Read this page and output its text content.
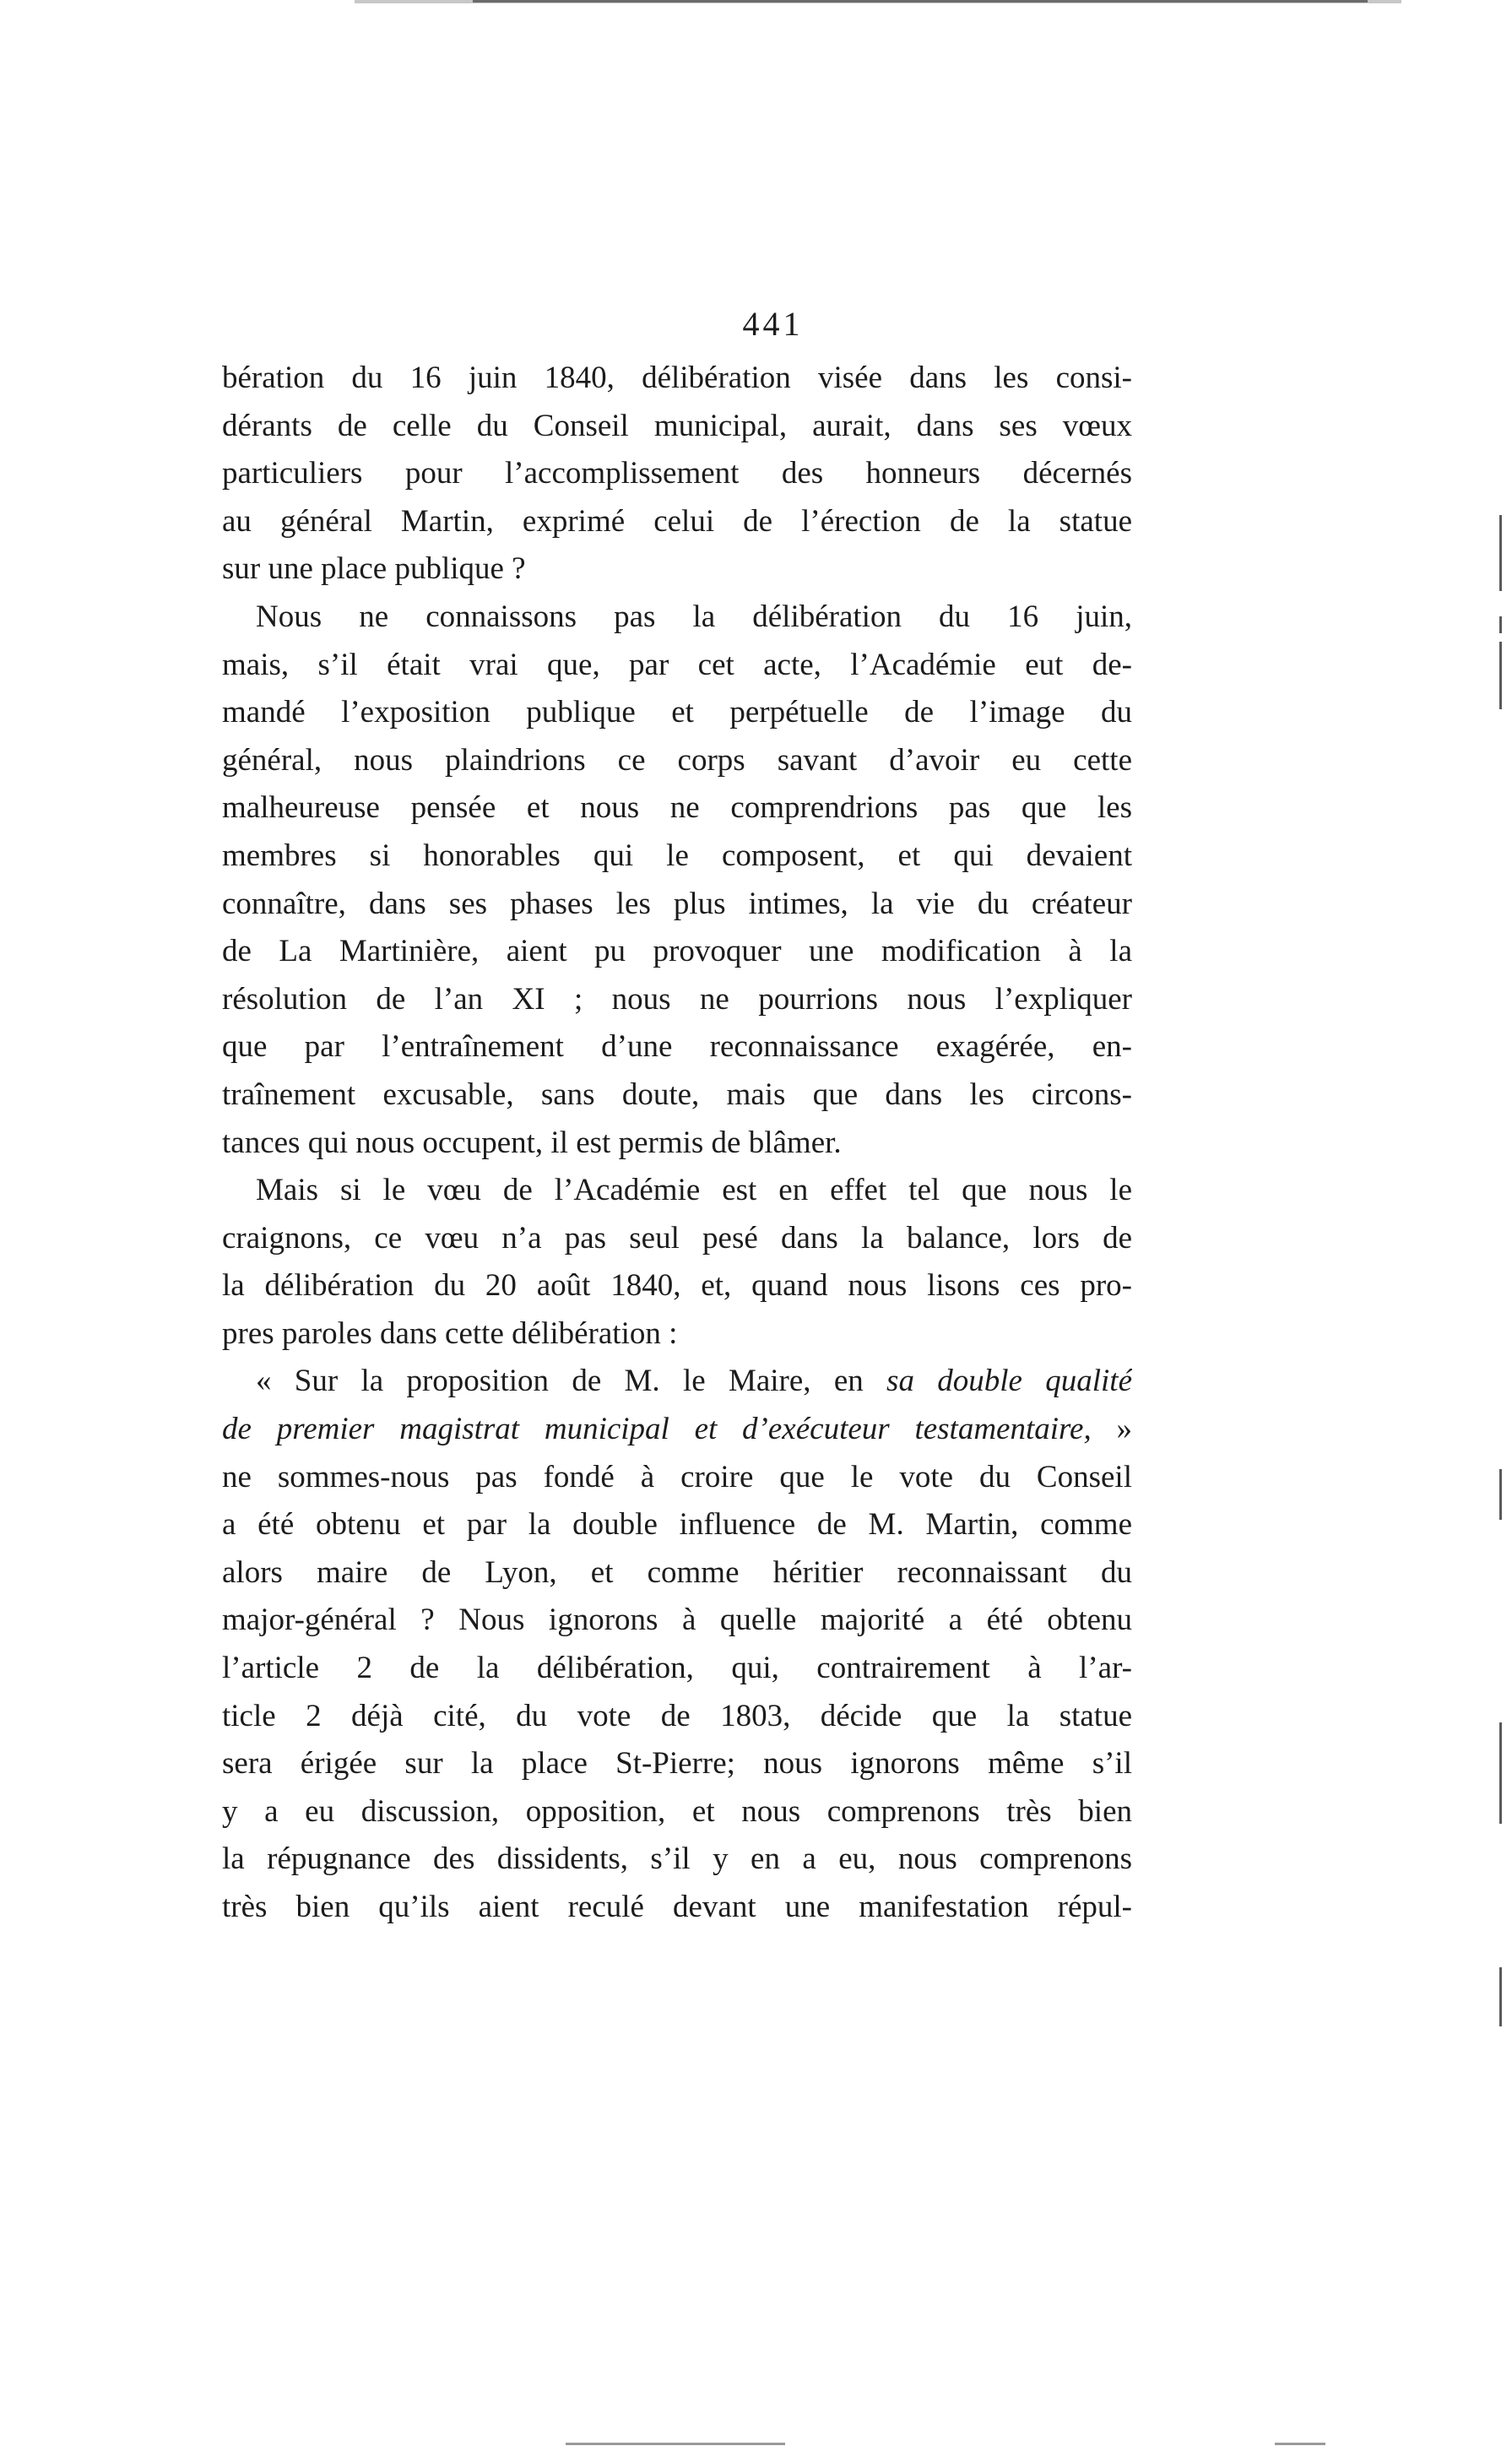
441
bération du 16 juin 1840, délibération visée dans les consi-
dérants de celle du Conseil municipal, aurait, dans ses vœux
particuliers pour l’accomplissement des honneurs décernés
au général Martin, exprimé celui de l’érection de la statue
sur une place publique ?
Nous ne connaissons pas la délibération du 16 juin,
mais, s’il était vrai que, par cet acte, l’Académie eut de-
mandé l’exposition publique et perpétuelle de l’image du
général, nous plaindrions ce corps savant d’avoir eu cette
malheureuse pensée et nous ne comprendrions pas que les
membres si honorables qui le composent, et qui devaient
connaître, dans ses phases les plus intimes, la vie du créateur
de La Martinière, aient pu provoquer une modification à la
résolution de l’an XI ; nous ne pourrions nous l’expliquer
que par l’entraînement d’une reconnaissance exagérée, en-
traînement excusable, sans doute, mais que dans les circons-
tances qui nous occupent, il est permis de blâmer.
Mais si le vœu de l’Académie est en effet tel que nous le
craignons, ce vœu n’a pas seul pesé dans la balance, lors de
la délibération du 20 août 1840, et, quand nous lisons ces pro-
pres paroles dans cette délibération :
« Sur la proposition de M. le Maire, en sa double qualité
de premier magistrat municipal et d’exécuteur testamentaire, »
ne sommes-nous pas fondé à croire que le vote du Conseil
a été obtenu et par la double influence de M. Martin, comme
alors maire de Lyon, et comme héritier reconnaissant du
major-général ? Nous ignorons à quelle majorité a été obtenu
l’article 2 de la délibération, qui, contrairement à l’ar-
ticle 2 déjà cité, du vote de 1803, décide que la statue
sera érigée sur la place St-Pierre; nous ignorons même s’il
y a eu discussion, opposition, et nous comprenons très bien
la répugnance des dissidents, s’il y en a eu, nous comprenons
très bien qu’ils aient reculé devant une manifestation répul-
